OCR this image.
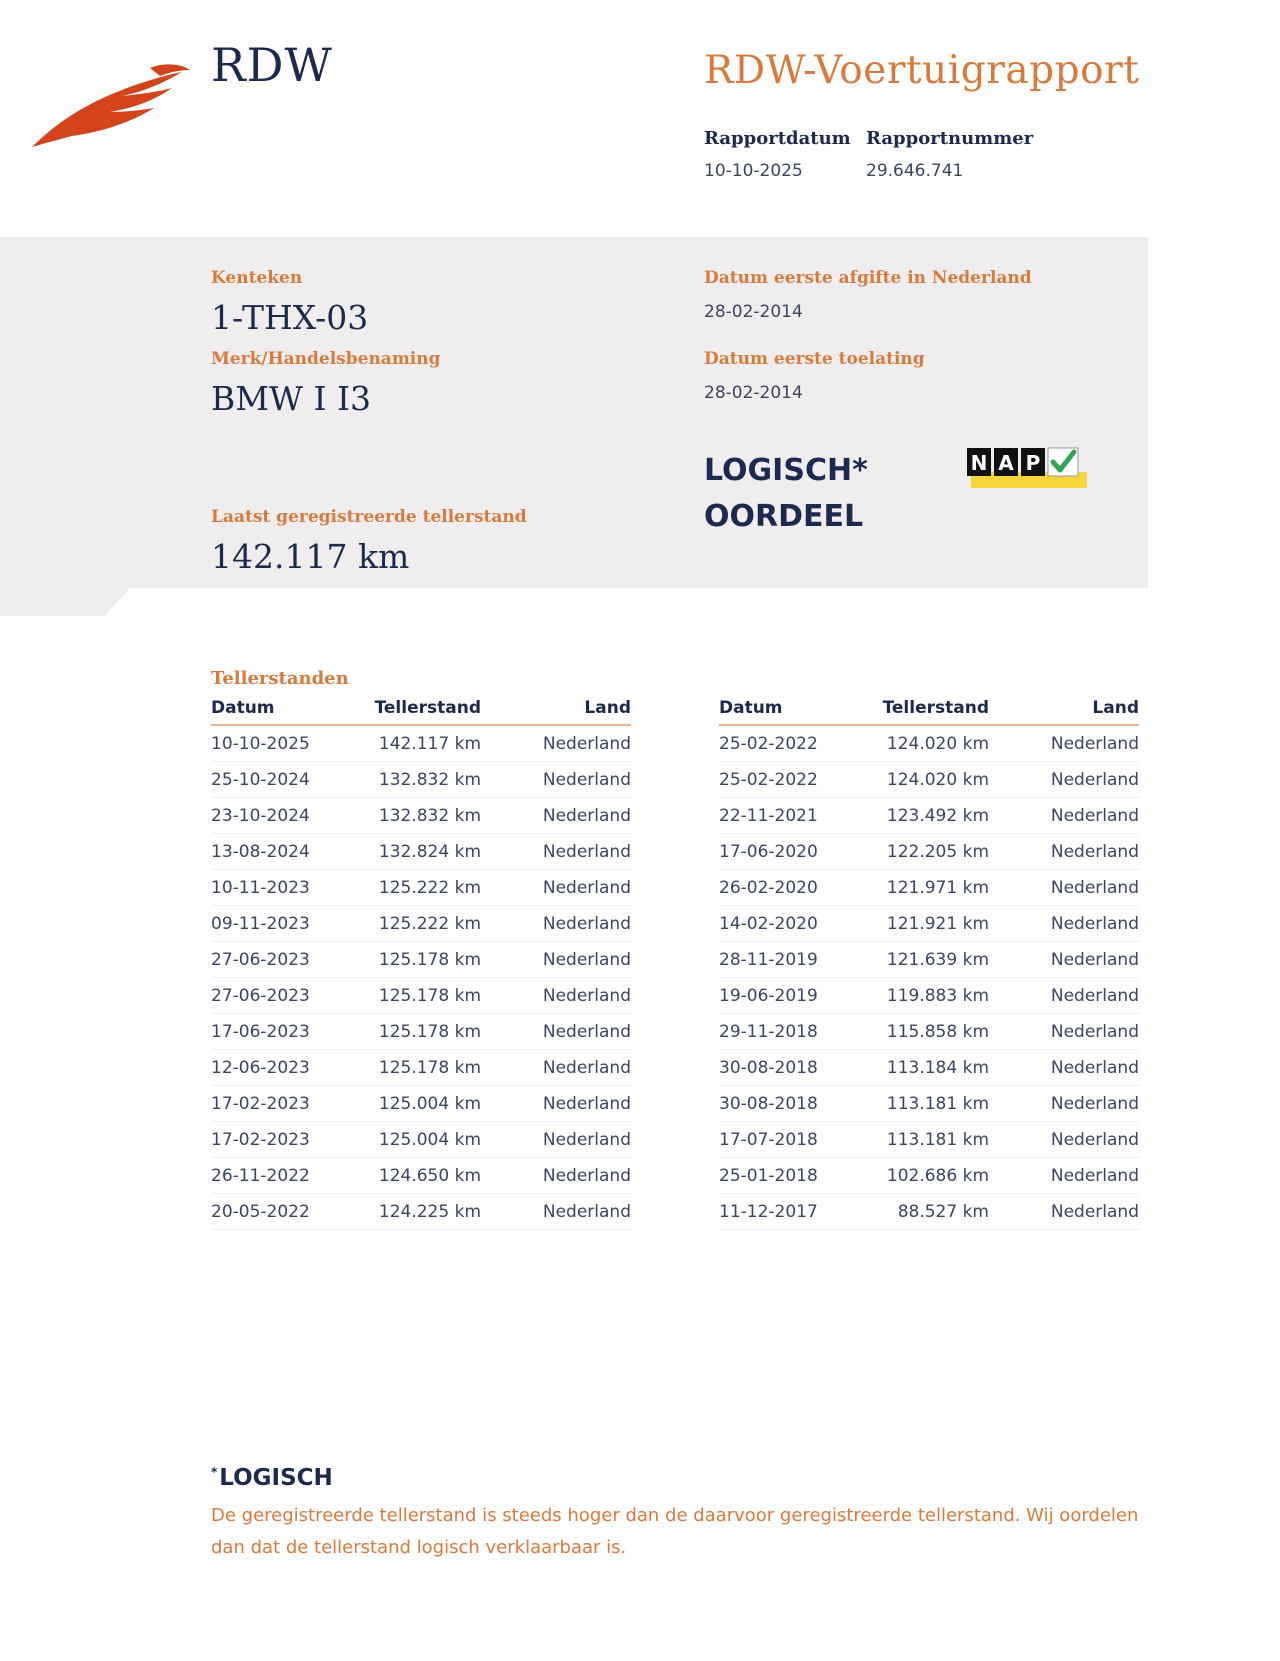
RDW	RDW-Voertuigrapport
Rapportdatum
10-10-2025
Rapportnummer
29.646.741
Kenteken
1-THX-03
Merk/Handelsbenaming
BMW I I3
Laatst geregistreerde tellerstand
142.117 km
Datum eerste afgifte in Nederland
28-02-2014
Datum eerste toelating
28-02-2014
LOGISCH*
OORDEEL
N A P
Tellerstanden
Datum	Tellerstand	Land
10-10-2025	142.117 km	Nederland
25-10-2024	132.832 km	Nederland
23-10-2024	132.832 km	Nederland
13-08-2024	132.824 km	Nederland
10-11-2023	125.222 km	Nederland
09-11-2023	125.222 km	Nederland
27-06-2023	125.178 km	Nederland
27-06-2023	125.178 km	Nederland
17-06-2023	125.178 km	Nederland
12-06-2023	125.178 km	Nederland
17-02-2023	125.004 km	Nederland
17-02-2023	125.004 km	Nederland
26-11-2022	124.650 km	Nederland
20-05-2022	124.225 km	Nederland
Datum	Tellerstand	Land
25-02-2022	124.020 km	Nederland
25-02-2022	124.020 km	Nederland
22-11-2021	123.492 km	Nederland
17-06-2020	122.205 km	Nederland
26-02-2020	121.971 km	Nederland
14-02-2020	121.921 km	Nederland
28-11-2019	121.639 km	Nederland
19-06-2019	119.883 km	Nederland
29-11-2018	115.858 km	Nederland
30-08-2018	113.184 km	Nederland
30-08-2018	113.181 km	Nederland
17-07-2018	113.181 km	Nederland
25-01-2018	102.686 km	Nederland
11-12-2017	88.527 km	Nederland
*LOGISCH
De geregistreerde tellerstand is steeds hoger dan de daarvoor geregistreerde tellerstand. Wij oordelen dan dat de tellerstand logisch verklaarbaar is.
